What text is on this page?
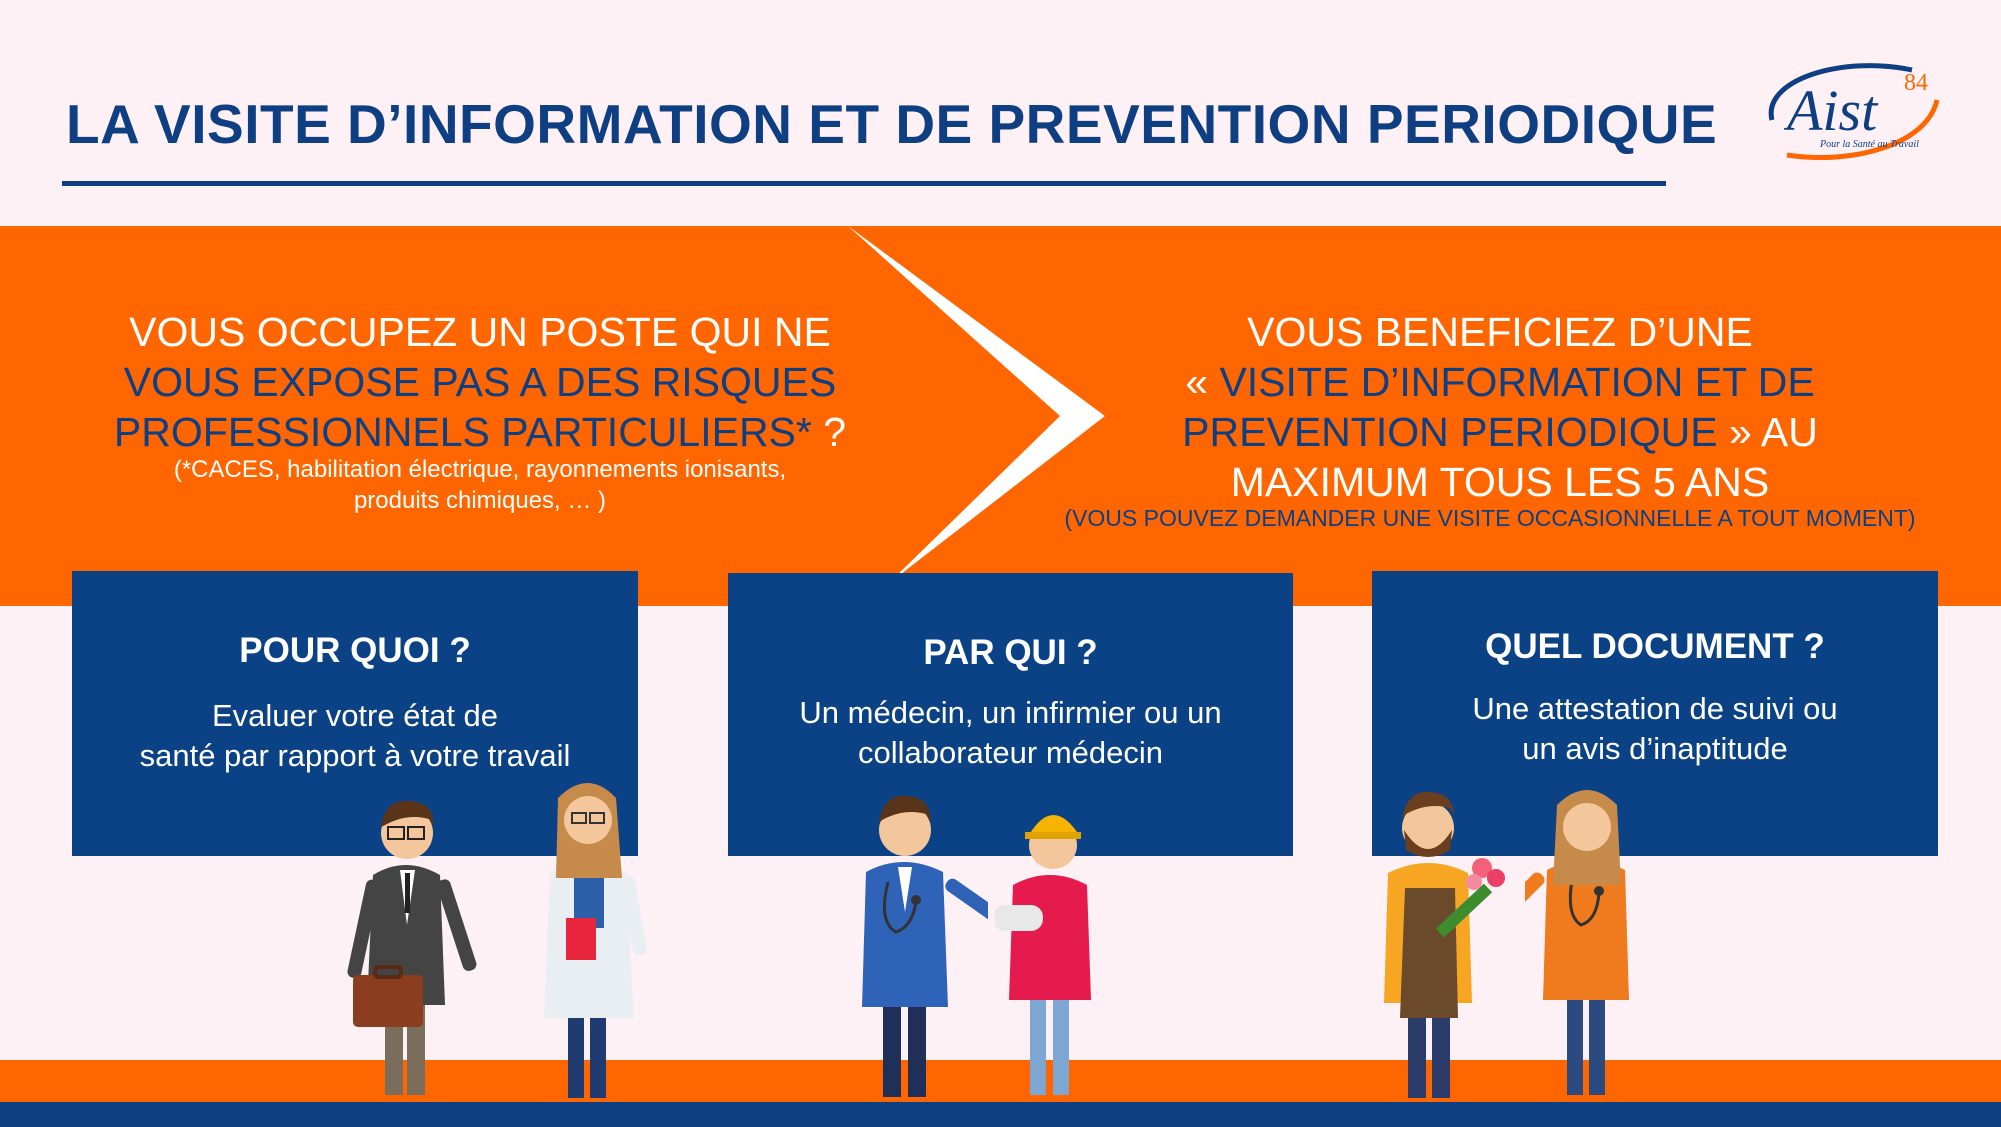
LA VISITE D’INFORMATION ET DE PREVENTION PERIODIQUE Aist 84
Pour la Santé au Travail
VOUS OCCUPEZ UN POSTE QUI NE
VOUS EXPOSE PAS A DES RISQUES
PROFESSIONNELS PARTICULIERS* ?
(*CACES, habilitation électrique, rayonnements ionisants,
produits chimiques, … )
VOUS BENEFICIEZ D’UNE
« VISITE D’INFORMATION ET DE
PREVENTION PERIODIQUE » AU
MAXIMUM TOUS LES 5 ANS
(VOUS POUVEZ DEMANDER UNE VISITE OCCASIONNELLE A TOUT MOMENT)
POUR QUOI ?
Evaluer votre état de
santé par rapport à votre travail
PAR QUI ?
Un médecin, un infirmier ou un
collaborateur médecin
QUEL DOCUMENT ?
Une attestation de suivi ou
un avis d’inaptitude
